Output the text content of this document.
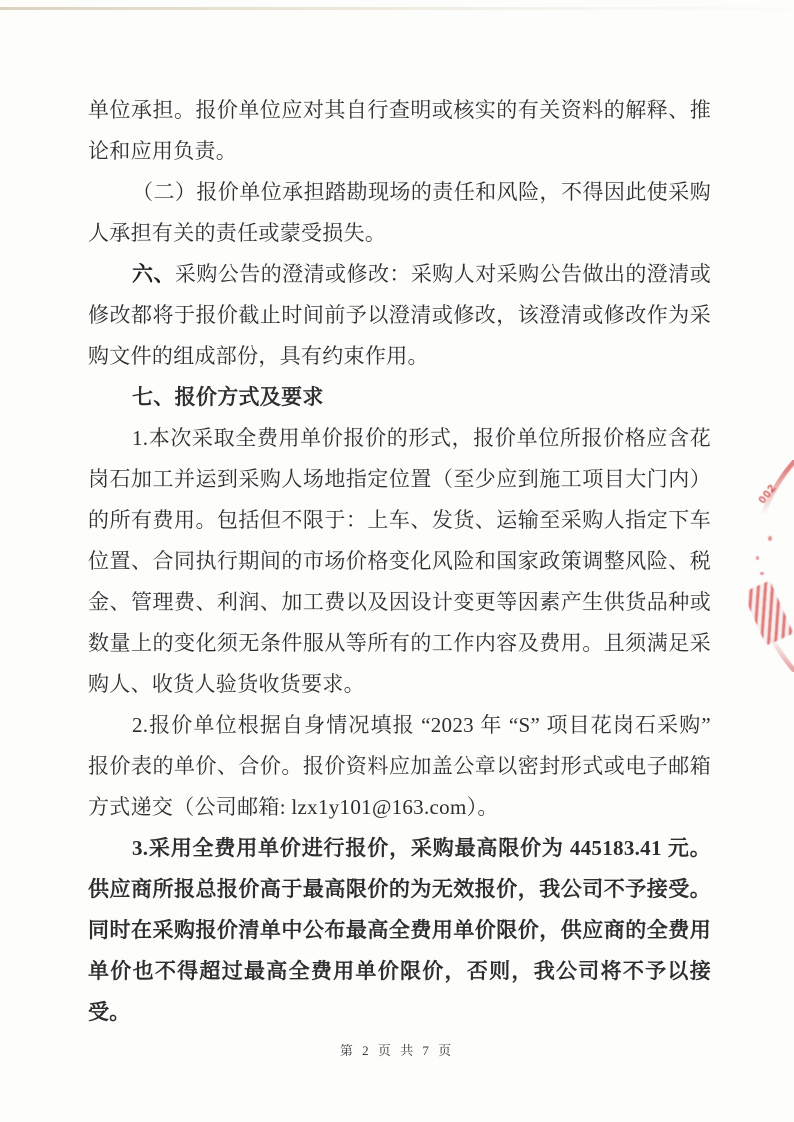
单位承担。报价单位应对其自行查明或核实的有关资料的解释、推论和应用负责。

（二）报价单位承担踏勘现场的责任和风险，不得因此使采购人承担有关的责任或蒙受损失。

六、采购公告的澄清或修改：采购人对采购公告做出的澄清或修改都将于报价截止时间前予以澄清或修改，该澄清或修改作为采购文件的组成部份，具有约束作用。

七、报价方式及要求

1.本次采取全费用单价报价的形式，报价单位所报价格应含花岗石加工并运到采购人场地指定位置（至少应到施工项目大门内）的所有费用。包括但不限于：上车、发货、运输至采购人指定下车位置、合同执行期间的市场价格变化风险和国家政策调整风险、税金、管理费、利润、加工费以及因设计变更等因素产生供货品种或数量上的变化须无条件服从等所有的工作内容及费用。且须满足采购人、收货人验货收货要求。

2.报价单位根据自身情况填报 “2023 年 “S” 项目花岗石采购”报价表的单价、合价。报价资料应加盖公章以密封形式或电子邮箱方式递交（公司邮箱: lzx1y101@163.com）。

3.采用全费用单价进行报价，采购最高限价为 445183.41 元。供应商所报总报价高于最高限价的为无效报价，我公司不予接受。同时在采购报价清单中公布最高全费用单价限价，供应商的全费用单价也不得超过最高全费用单价限价，否则，我公司将不予以接受。

002
第 2 页 共 7 页
